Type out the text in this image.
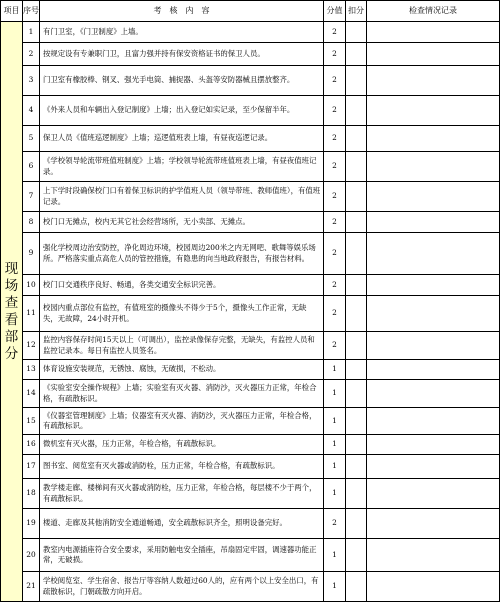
项目	序号	考　核　内　容	分值	扣分	检查情况记录
现场查看部分	1	有门卫室，《门卫制度》上墙。	2		
	2	按规定设有专兼职门卫，且富力强并持有保安资格证书的保卫人员。	2		
	3	门卫室有橡胶棒、钢叉、强光手电筒、捕捉器、头盔等安防器械且摆放整齐。	2		
	4	《外来人员和车辆出入登记制度》上墙；出入登记如实记录，至少保留半年。	2		
	5	保卫人员《值班巡逻制度》上墙；巡逻值班表上墙，有昼夜巡逻记录。	2		
	6	《学校领导轮流带班值班制度》上墙；学校领导轮流带班值班表上墙，有昼夜值班记录。	2		
	7	上下学时段确保校门口有着保卫标识的护学值班人员（领导带班、教师值班），有值班记录。	2		
	8	校门口无摊点，校内无其它社会经营场所，无小卖部、无摊点。	2		
	9	强化学校周边治安防控，净化周边环境，校园周边200米之内无网吧、歌舞等娱乐场所。严格落实重点高危人员的管控措施，有隐患的向当地政府报告，有报告材料。	2		
	10	校门口交通秩序良好、畅通，各类交通安全标识完善。	2		
	11	校园内重点部位有监控，有值班室的摄像头不得少于5个，摄像头工作正常，无缺失，无故障，24小时开机。	2		
	12	监控内容保存时间15天以上（可调出），监控录像保存完整，无缺失，有监控人员和监控记录本。每日有监控人员签名。	2		
	13	体育设施安装规范，无锈蚀、腐蚀，无破损，不松动。	1		
	14	《实验室安全操作规程》上墙；实验室有灭火器、消防沙，灭火器压力正常，年检合格，有疏散标识。	1		
	15	《仪器室管理制度》上墙；仪器室有灭火器、消防沙，灭火器压力正常，年检合格，有疏散标识。	1		
	16	微机室有灭火器，压力正常，年检合格，有疏散标识。	1		
	17	图书室、阅览室有灭火器或消防栓，压力正常，年检合格，有疏散标识。	1		
	18	教学楼走廊、楼梯间有灭火器或消防栓，压力正常，年检合格，每层楼不少于两个，有疏散标识。	1		
	19	楼道、走廊及其他消防安全通道畅通，安全疏散标识齐全，照明设备完好。	2		
	20	教室内电源插座符合安全要求，采用防触电安全插座，吊扇固定牢固，调速器功能正常，无破损。	1		
	21	学校阅览室、学生宿舍、报告厅等容纳人数超过60人的，应有两个以上安全出口，有疏散标识，门朝疏散方向开启。	1		
